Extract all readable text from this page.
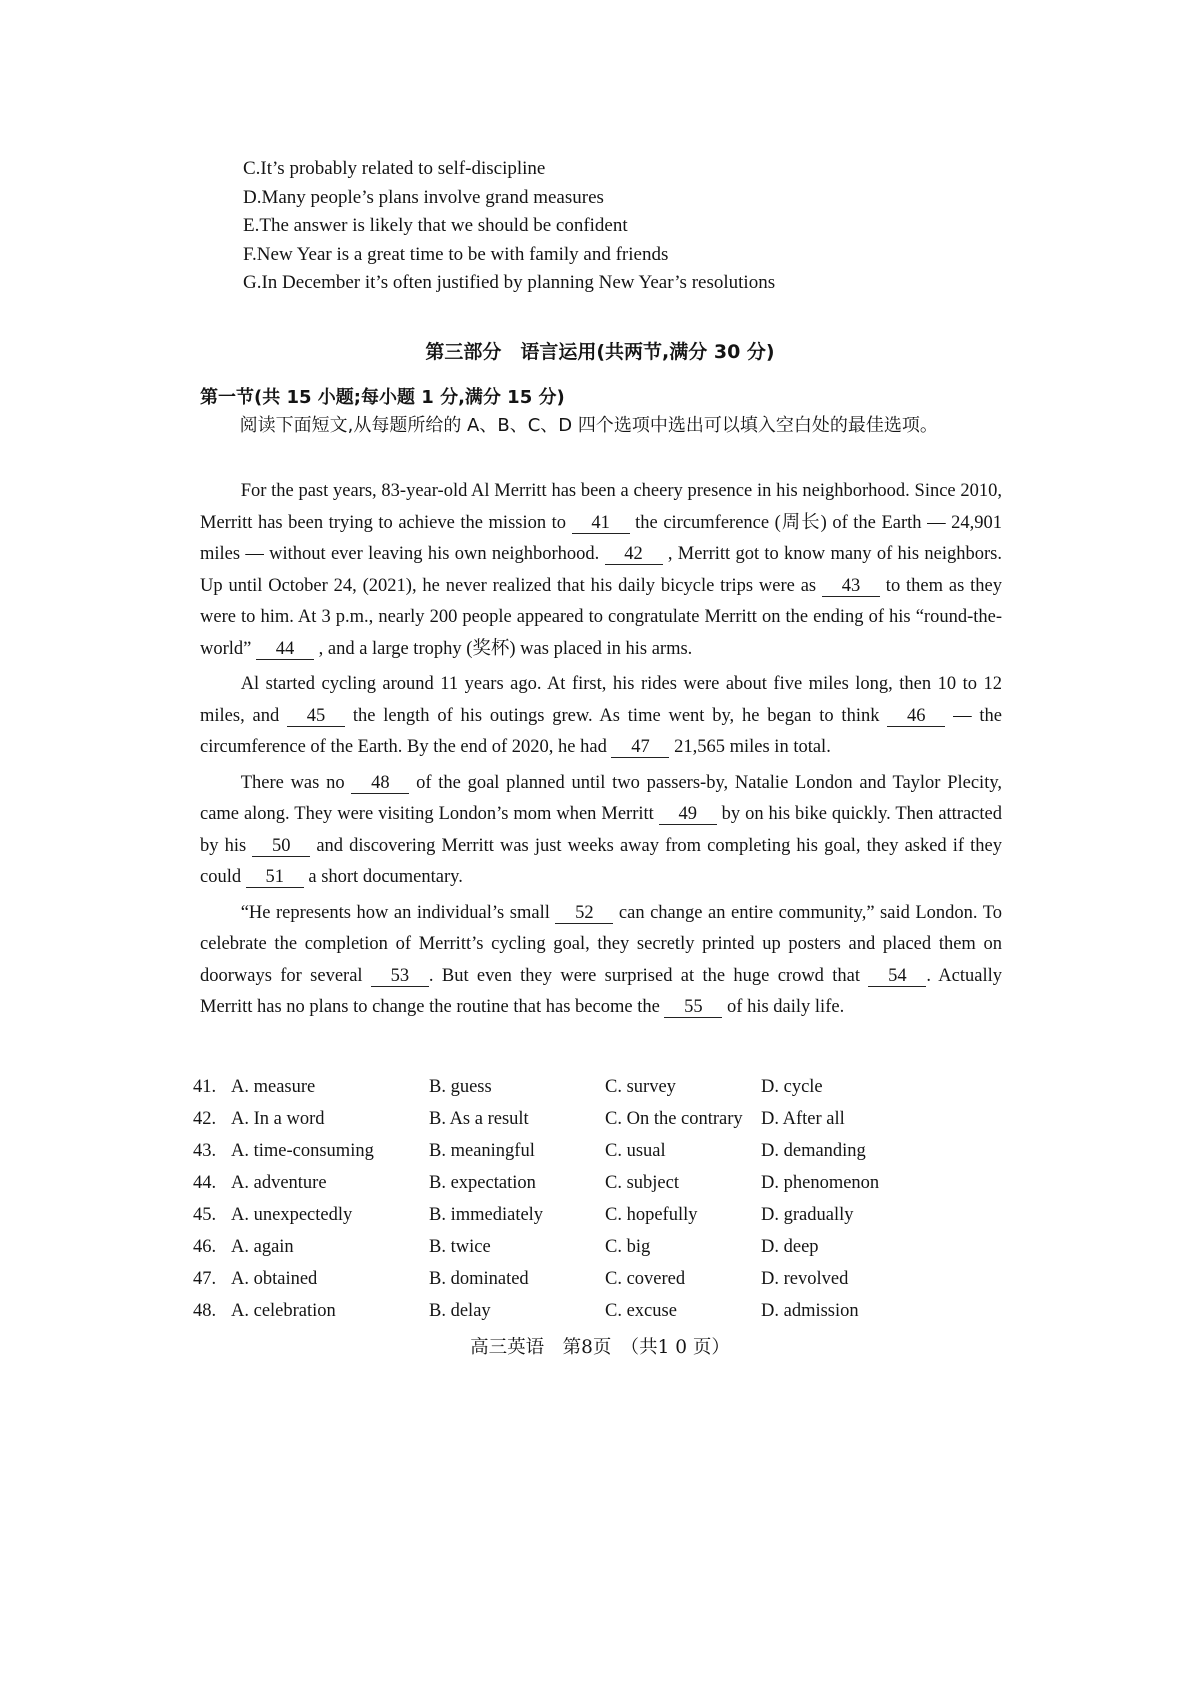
C.It’s probably related to self-discipline
D.Many people’s plans involve grand measures
E.The answer is likely that we should be confident
F.New Year is a great time to be with family and friends
G.In December it’s often justified by planning New Year’s resolutions
第三部分　语言运用(共两节,满分 30 分)
第一节(共 15 小题;每小题 1 分,满分 15 分)
阅读下面短文,从每题所给的 A、B、C、D 四个选项中选出可以填入空白处的最佳选项。

For the past years, 83-year-old Al Merritt has been a cheery presence in his neighborhood. Since 2010, Merritt has been trying to achieve the mission to 41 the circumference (周长) of the Earth — 24,901 miles — without ever leaving his own neighborhood. 42 , Merritt got to know many of his neighbors. Up until October 24, (2021), he never realized that his daily bicycle trips were as 43 to them as they were to him. At 3 p.m., nearly 200 people appeared to congratulate Merritt on the ending of his “round-the-world” 44 , and a large trophy (奖杯) was placed in his arms.

Al started cycling around 11 years ago. At first, his rides were about five miles long, then 10 to 12 miles, and 45 the length of his outings grew. As time went by, he began to think 46 — the circumference of the Earth. By the end of 2020, he had 47 21,565 miles in total.

There was no 48 of the goal planned until two passers-by, Natalie London and Taylor Plecity, came along. They were visiting London’s mom when Merritt 49 by on his bike quickly. Then attracted by his 50 and discovering Merritt was just weeks away from completing his goal, they asked if they could 51 a short documentary.

“He represents how an individual’s small 52 can change an entire community,” said London. To celebrate the completion of Merritt’s cycling goal, they secretly printed up posters and placed them on doorways for several 53 . But even they were surprised at the huge crowd that 54 . Actually Merritt has no plans to change the routine that has become the 55 of his daily life.

41. A. measure	B. guess	C. survey	D. cycle
42. A. In a word	B. As a result	C. On the contrary D. After all
43. A. time-consuming	B. meaningful	C. usual	D. demanding
44. A. adventure	B. expectation	C. subject	D. phenomenon
45. A. unexpectedly	B. immediately	C. hopefully	D. gradually
46. A. again	B. twice	C. big	D. deep
47. A. obtained	B. dominated	C. covered	D. revolved
48. A. celebration	B. delay	C. excuse	D. admission
高三英语　第8页　（共1 0 页）
